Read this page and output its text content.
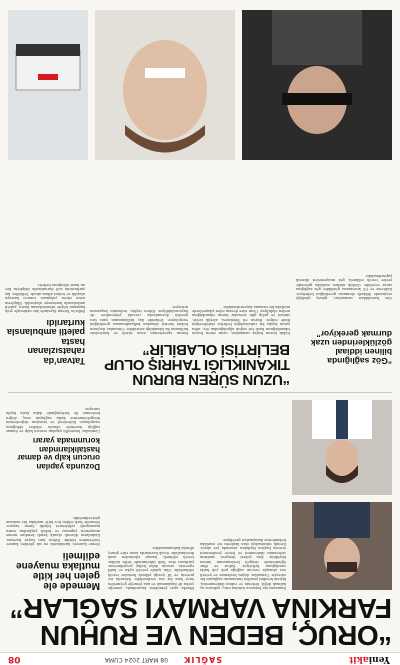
Yeniakit
SAĞLIK
08 MART 2024 CUMA
08
“ORUÇ, BEDEN VE RUHUN
FARKINA VARMAYI SAĞLAR”
Ramazan ayı boyunca tutulan oruç, yalnızca aç kalmak değil; bedenin ve ruhun dinlenmesini, kişinin kendini yeniden tanımasını sağlayan bir süreçtir. Uzmanlar, doğru beslenme ve yeterli sıvı alımıyla orucun sağlığa pek çok katkı sunduğunu belirtiyor. Sahur ve iftar öğünlerinde dengeli beslenmenin önemi büyüktür. Kan şekeri dengesi, sindirim sisteminin dinlenmesi ve hücre yenilenmesi orucun başlıca faydaları arasında yer alıyor. Kronik rahatsızlığı olan kişilerin ise mutlaka hekimlerine danışmaları gerekiyor.
İftarda aşırı yemekten kaçınılmalı, yemeğe çorba ile başlanmalı ve ana yemeğe geçmeden önce kısa bir ara verilmelidir. Sahurda ise protein ve lif içeriği yüksek besinler tercih edilmelidir. Gün içinde yeterli uyku ve hafif egzersiz, orucun daha kolay geçirilmesine yardımcı olur. Tatlı tüketiminde sütlü tatlılar tercih edilmeli, hamur işlerinden uzak durulmalıdır. Sıcak havalarda uzun süre güneş altında kalınmamalıdır.
Memede ele
gelen her kitle
mutlaka muayene
edilmeli
Meme kanseri, kadınlarda en sık görülen kanser türlerinden biridir. Erken tanı hayat kurtarır. Kadınların düzenli olarak kendi kendine meme muayenesi yapması ve belirli yaşlardan sonra mamografi çektirmesi büyük önem taşıyor. Memede fark edilen her kitle mutlaka bir uzmana gösterilmelidir.
Dozunda yapılan
orucun kalp ve damar
hastalıklarından
korunmada yararı
Uzmanlar, kontrollü yapılan orucun kalp ve damar sağlığı üzerinde olumlu etkileri olduğunu vurguluyor. Kolesterol ve tansiyon değerlerinin dengelenmesine katkı sağlayan oruç, doğru beslenme ile birleştiğinde daha fazla fayda sunuyor.
“UZUN SÜREN BURUN
TIKANIKLIĞI TAHRIŞ OLUP
BELİRTİSİ OLABİLİR”
Tatvan’da
rahatsızlanan hasta
paletli ambulansla
kurtarıldı
Bitlis'in Tatvan ilçesinde kar nedeniyle yolu kapanan köyde rahatsızlanan hasta, paletli ambulansla hastaneye ulaştırıldı. Ekiplerin uzun süren çalışması sonucu hastaya ulaşıldı ve tedavi altına alındı. Yetkililer, kış şartlarında acil durumlarda ekiplerin her an hazır olduğunu belirtti.
Kulak burun boğaz uzmanları, uzun süren burun tıkanıklığının basit bir soğuk algınlığından öte, altta yatan başka bir rahatsızlığın belirtisi olabileceğini ifade ediyor. Burun eti büyümesi, alerjik nezle, sinüzit ve polip gibi sorunlar burun tıkanıklığına neden olabiliyor. Uzun süre devam eden şikayetlerde mutlaka bir uzmana başvurulmalıdır.
Burun spreylerinin uzun süreli ve kontrolsüz kullanımı da tıkanıklığı artırabilir. Uzmanlar, ilaçların hekim önerisi olmadan kullanılmaması gerektiğini vurguluyor. Tedavide ilaç kullanımının yanı sıra gerekli durumlarda cerrahi yöntemlere de başvurulabiliyor. Erken teşhis, tedavinin başarısını artırıyor.
“Göz sağlığında
bilinen iddiaal
gözlüklerinden uzak
durmak gerekiyor”
Göz hastalıkları uzmanları, güneş gözlüğü seçiminde dikkatli olunması gerektiğini belirtiyor. Kalitesiz ve UV korumasız gözlükler göz sağlığına zarar verebilir. Gözlük alırken mutlaka güvenilir yerler tercih edilmeli, göz muayeneleri düzenli yaptırılmalıdır.
